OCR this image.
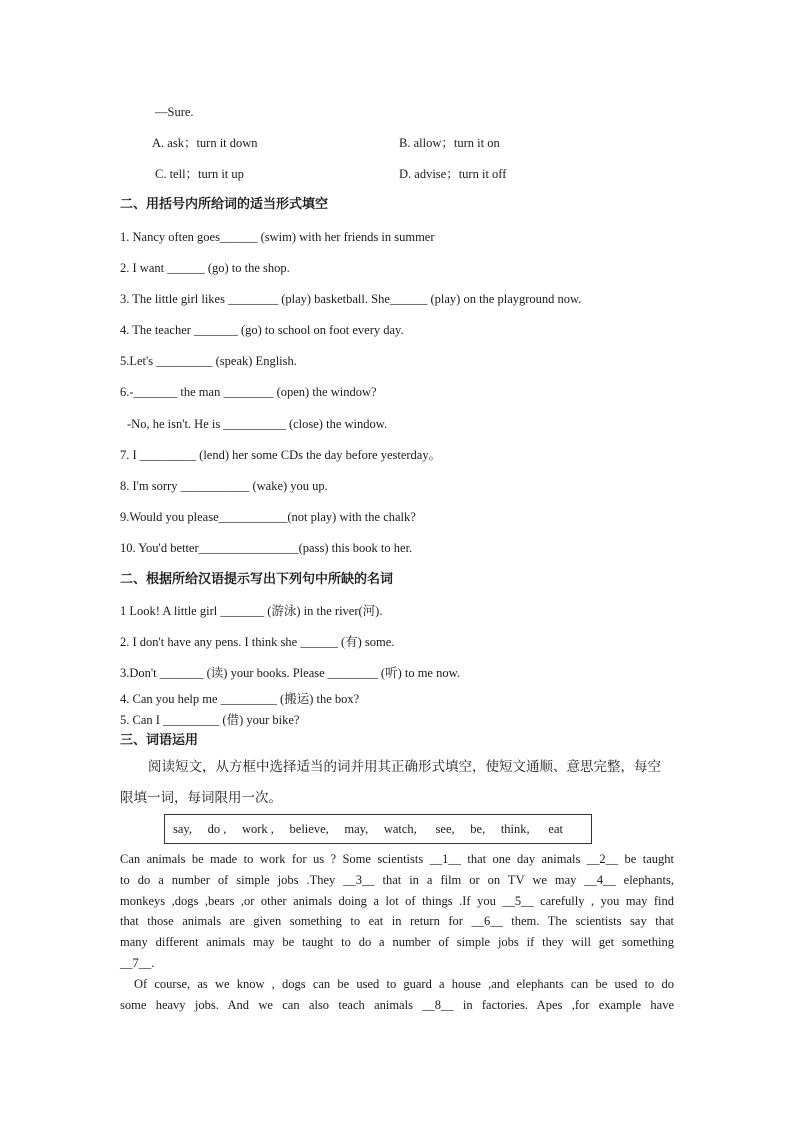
—Sure.
A. ask；turn it down	B. allow；turn it on
C. tell；turn it up	D. advise；turn it off
二、用括号内所给词的适当形式填空
1. Nancy often goes______ (swim) with her friends in summer
2. I want ______ (go) to the shop.
3. The little girl likes ________ (play) basketball. She______ (play) on the playground now.
4. The teacher _______ (go) to school on foot every day.
5.Let's _________ (speak) English.
6.-_______ the man ________ (open) the window?
-No, he isn't. He is __________ (close) the window.
7. I _________ (lend) her some CDs the day before yesterday。
8. I'm sorry ___________ (wake) you up.
9.Would you please___________(not play) with the chalk?
10. You'd better________________(pass) this book to her.
二、根据所给汉语提示写出下列句中所缺的名词
1 Look! A little girl _______ (游泳) in the river(河).
2. I don't have any pens. I think she ______ (有) some.
3.Don't _______ (读) your books. Please ________ (听) to me now.
4. Can you help me _________ (搬运) the box?
5. Can I _________ (借) your bike?
三、词语运用
阅读短文，从方框中选择适当的词并用其正确形式填空，使短文通顺、意思完整，每空
限填一词，每词限用一次。
say,     do ,     work ,     believe,     may,     watch,      see,     be,     think,      eat
Can animals be made to work for us ? Some scientists __1__ that one day animals __2__ be taught
to do a number of simple jobs .They __3__ that in a film or on TV we may __4__ elephants,
monkeys ,dogs ,bears ,or other animals doing a lot of things .If you __5__ carefully , you may find
that those animals are given something to eat in return for __6__ them. The scientists say that
many different animals may be taught to do a number of simple jobs if they will get something
__7__.
Of course, as we know , dogs can be used to guard a house ,and elephants can be used to do
some heavy jobs. And we can also teach animals __8__ in factories. Apes ,for example have
